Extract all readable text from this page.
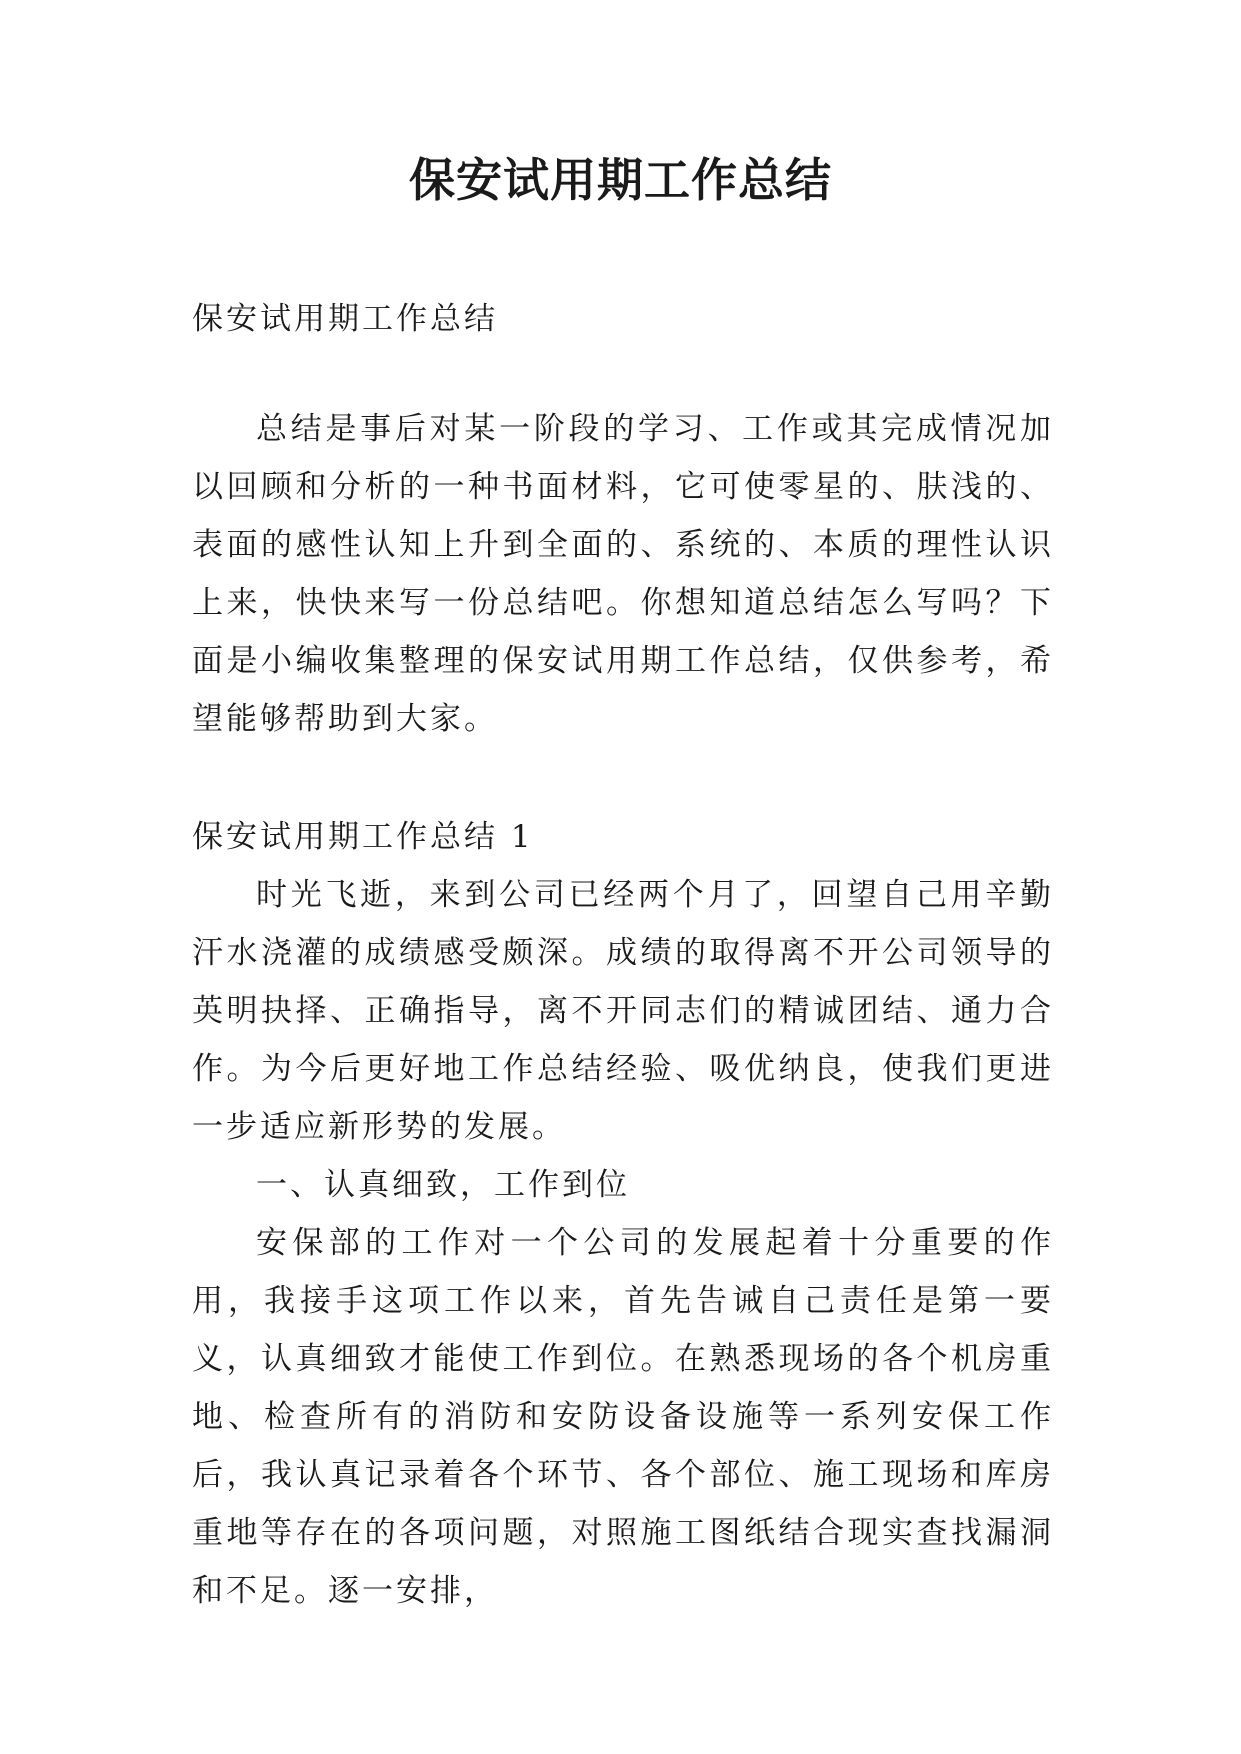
保安试用期工作总结

保安试用期工作总结

总结是事后对某一阶段的学习、工作或其完成情况加以回顾和分析的一种书面材料，它可使零星的、肤浅的、表面的感性认知上升到全面的、系统的、本质的理性认识上来，快快来写一份总结吧。你想知道总结怎么写吗？下面是小编收集整理的保安试用期工作总结，仅供参考，希望能够帮助到大家。

保安试用期工作总结 1

时光飞逝，来到公司已经两个月了，回望自己用辛勤汗水浇灌的成绩感受颇深。成绩的取得离不开公司领导的英明抉择、正确指导，离不开同志们的精诚团结、通力合作。为今后更好地工作总结经验、吸优纳良，使我们更进一步适应新形势的发展。

一、认真细致，工作到位

安保部的工作对一个公司的发展起着十分重要的作用，我接手这项工作以来，首先告诫自己责任是第一要义，认真细致才能使工作到位。在熟悉现场的各个机房重地、检查所有的消防和安防设备设施等一系列安保工作后，我认真记录着各个环节、各个部位、施工现场和库房重地等存在的各项问题，对照施工图纸结合现实查找漏洞和不足。逐一安排，
